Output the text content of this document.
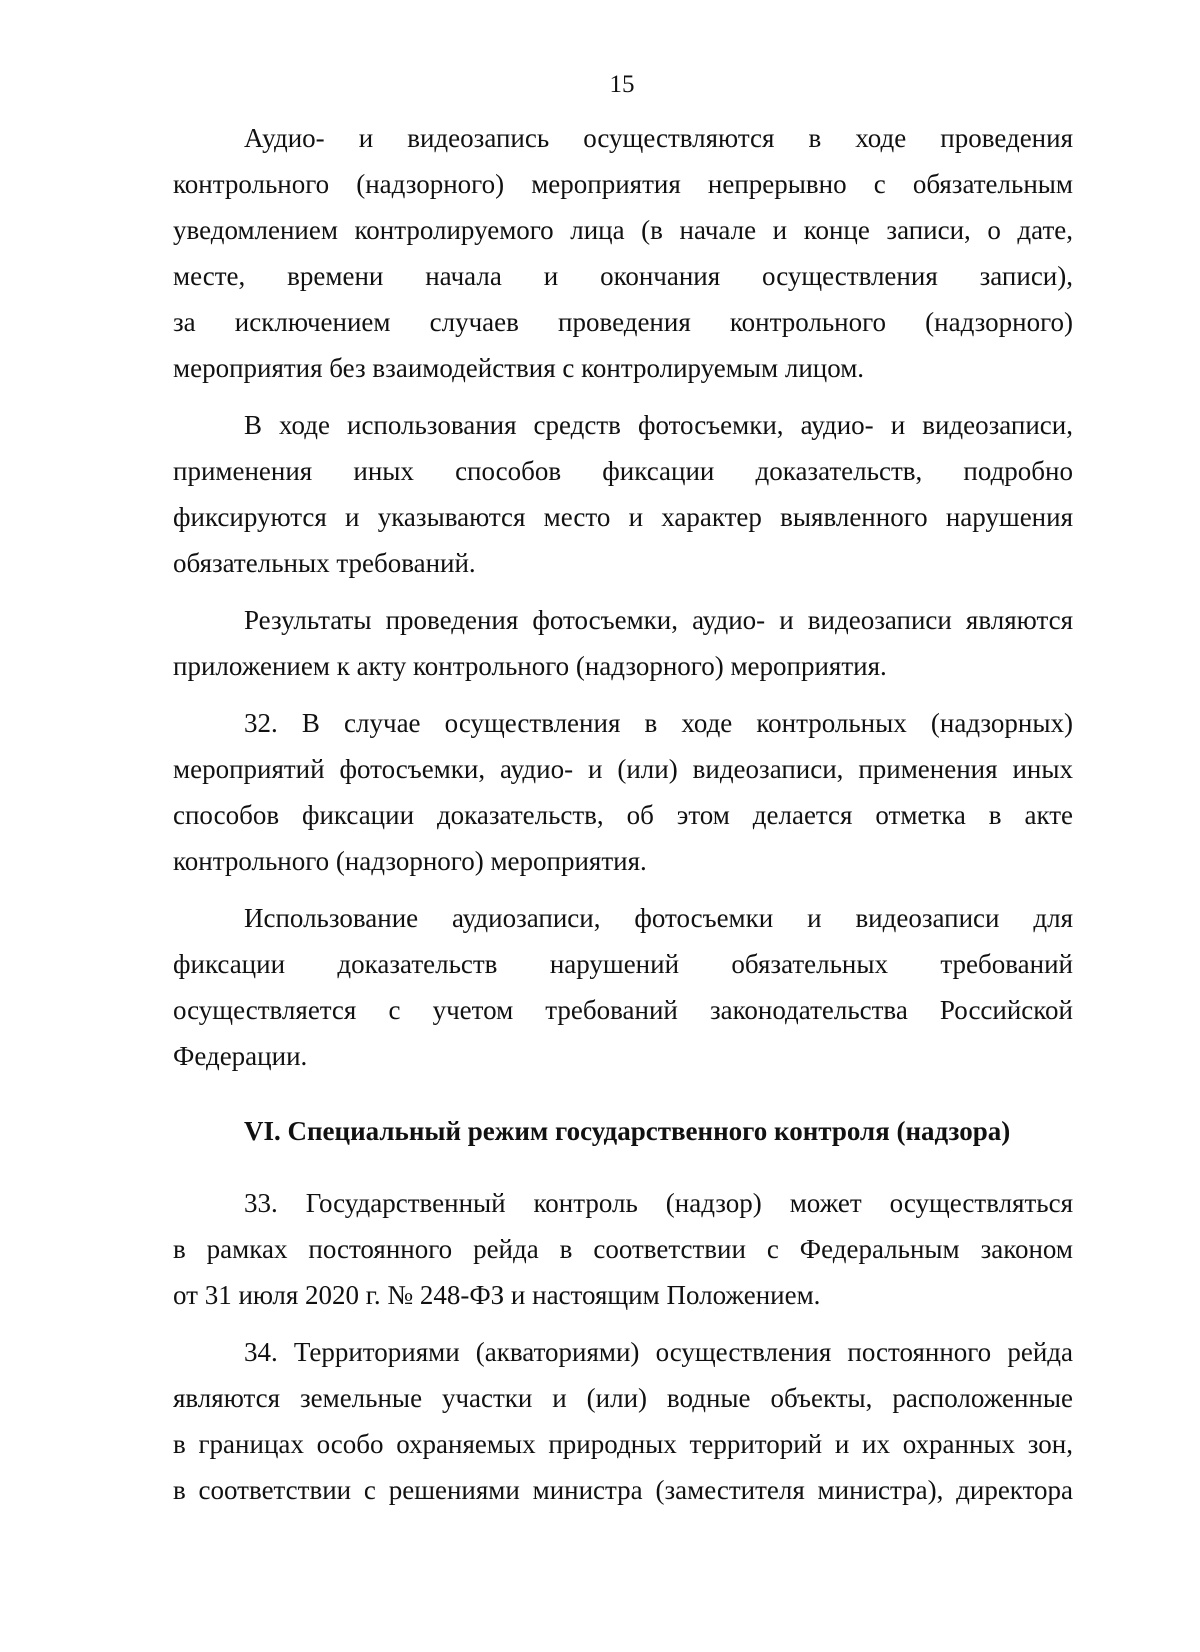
15
Аудио- и видеозапись осуществляются в ходе проведения
контрольного (надзорного) мероприятия непрерывно с обязательным
уведомлением контролируемого лица (в начале и конце записи, о дате,
месте, времени начала и окончания осуществления записи),
за исключением случаев проведения контрольного (надзорного)
мероприятия без взаимодействия с контролируемым лицом.
В ходе использования средств фотосъемки, аудио- и видеозаписи,
применения иных способов фиксации доказательств, подробно
фиксируются и указываются место и характер выявленного нарушения
обязательных требований.
Результаты проведения фотосъемки, аудио- и видеозаписи являются
приложением к акту контрольного (надзорного) мероприятия.
32. В случае осуществления в ходе контрольных (надзорных)
мероприятий фотосъемки, аудио- и (или) видеозаписи, применения иных
способов фиксации доказательств, об этом делается отметка в акте
контрольного (надзорного) мероприятия.
Использование аудиозаписи, фотосъемки и видеозаписи для
фиксации доказательств нарушений обязательных требований
осуществляется с учетом требований законодательства Российской
Федерации.
VI. Специальный режим государственного контроля (надзора)
33. Государственный контроль (надзор) может осуществляться
в рамках постоянного рейда в соответствии с Федеральным законом
от 31 июля 2020 г. № 248-ФЗ и настоящим Положением.
34. Территориями (акваториями) осуществления постоянного рейда
являются земельные участки и (или) водные объекты, расположенные
в границах особо охраняемых природных территорий и их охранных зон,
в соответствии с решениями министра (заместителя министра), директора
